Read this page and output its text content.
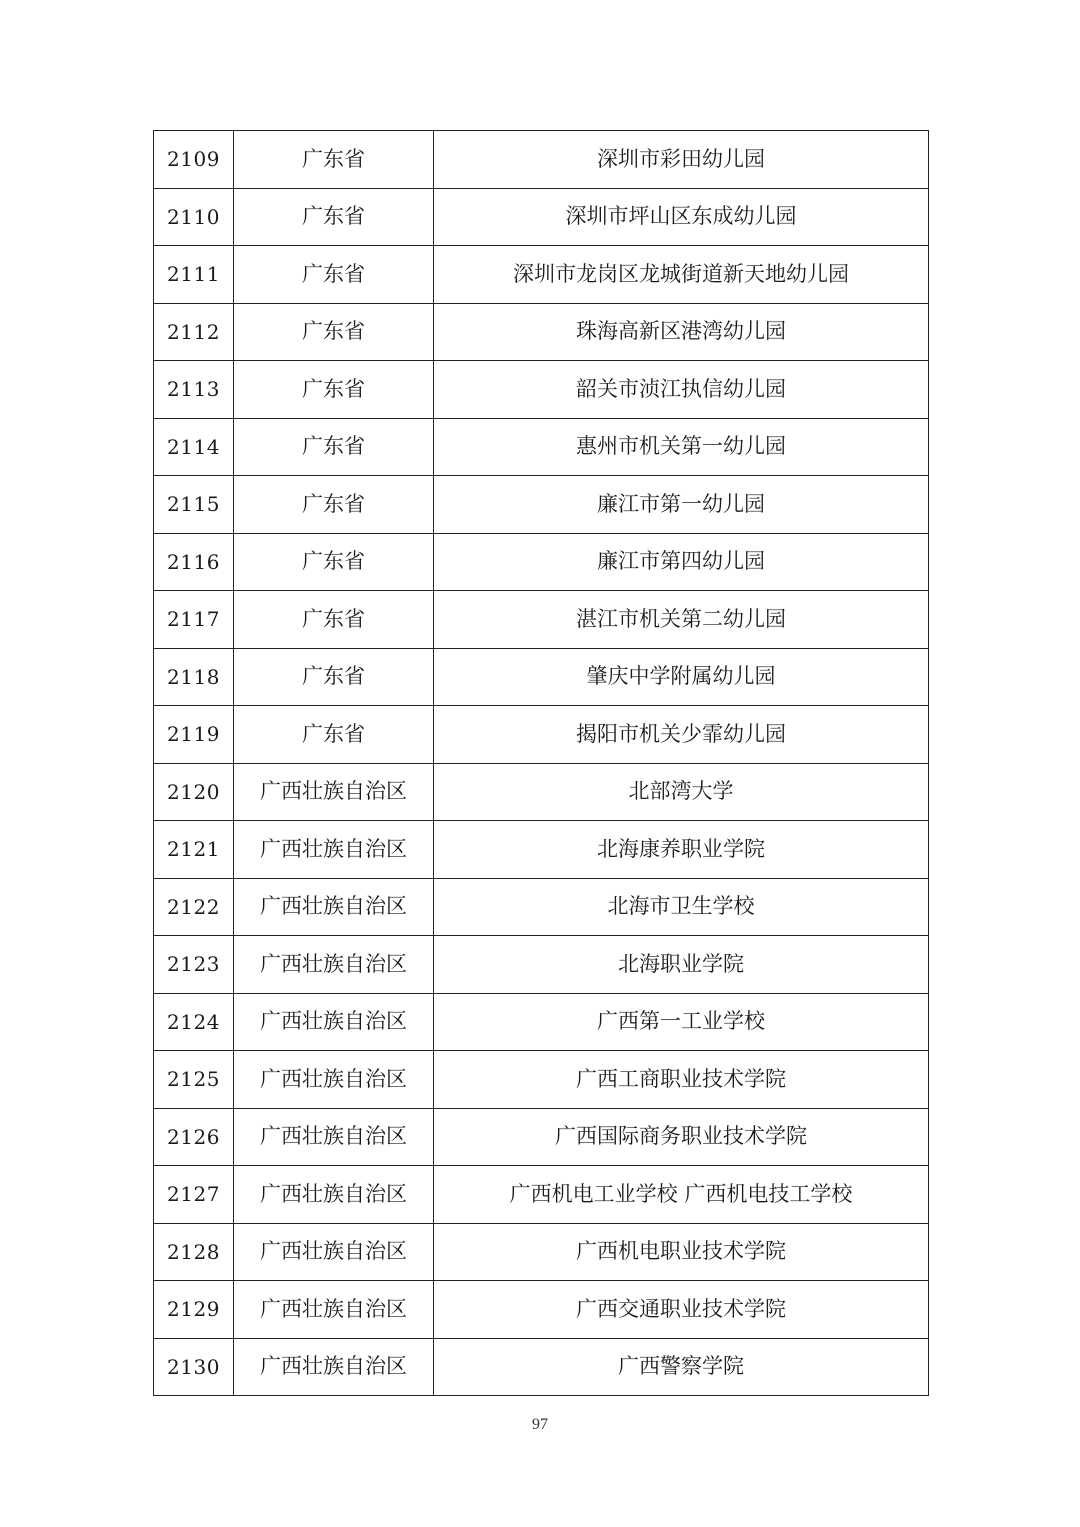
2109	广东省	深圳市彩田幼儿园
2110	广东省	深圳市坪山区东成幼儿园
2111	广东省	深圳市龙岗区龙城街道新天地幼儿园
2112	广东省	珠海高新区港湾幼儿园
2113	广东省	韶关市浈江执信幼儿园
2114	广东省	惠州市机关第一幼儿园
2115	广东省	廉江市第一幼儿园
2116	广东省	廉江市第四幼儿园
2117	广东省	湛江市机关第二幼儿园
2118	广东省	肇庆中学附属幼儿园
2119	广东省	揭阳市机关少霏幼儿园
2120	广西壮族自治区	北部湾大学
2121	广西壮族自治区	北海康养职业学院
2122	广西壮族自治区	北海市卫生学校
2123	广西壮族自治区	北海职业学院
2124	广西壮族自治区	广西第一工业学校
2125	广西壮族自治区	广西工商职业技术学院
2126	广西壮族自治区	广西国际商务职业技术学院
2127	广西壮族自治区	广西机电工业学校 广西机电技工学校
2128	广西壮族自治区	广西机电职业技术学院
2129	广西壮族自治区	广西交通职业技术学院
2130	广西壮族自治区	广西警察学院
97
